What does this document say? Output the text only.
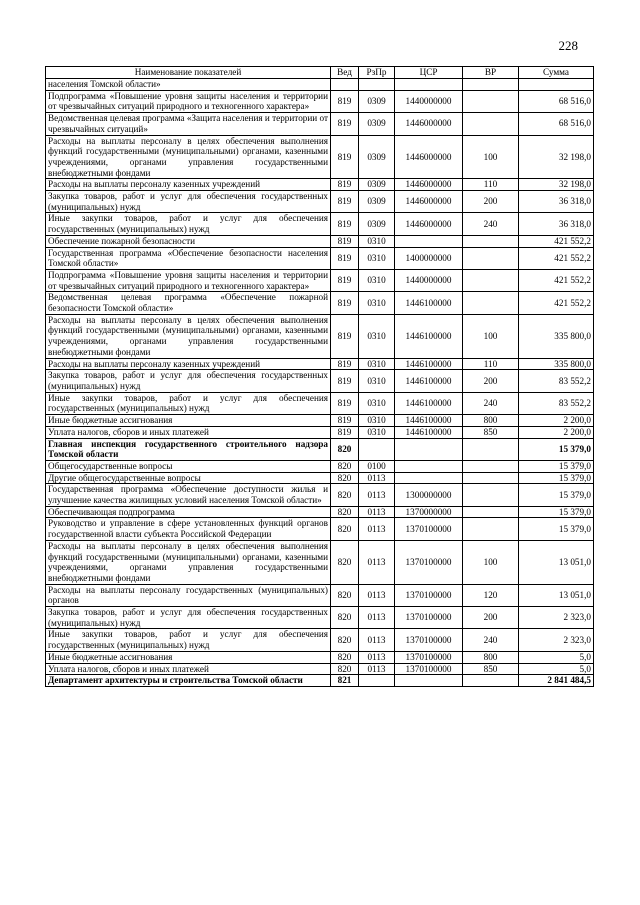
228
Наименование показателей	Вед	РзПр	ЦСР	ВР	Сумма
населения Томской области»					
Подпрограмма «Повышение уровня защиты населения и территории от чрезвычайных ситуаций природного и техногенного характера»	819	0309	1440000000		68 516,0
Ведомственная целевая программа «Защита населения и территории от чрезвычайных ситуаций»	819	0309	1446000000		68 516,0
Расходы на выплаты персоналу в целях обеспечения выполнения функций государственными (муниципальными) органами, казенными учреждениями, органами управления государственными внебюджетными фондами	819	0309	1446000000	100	32 198,0
Расходы на выплаты персоналу казенных учреждений	819	0309	1446000000	110	32 198,0
Закупка товаров, работ и услуг для обеспечения государственных (муниципальных) нужд	819	0309	1446000000	200	36 318,0
Иные закупки товаров, работ и услуг для обеспечения государственных (муниципальных) нужд	819	0309	1446000000	240	36 318,0
Обеспечение пожарной безопасности	819	0310			421 552,2
Государственная программа «Обеспечение безопасности населения Томской области»	819	0310	1400000000		421 552,2
Подпрограмма «Повышение уровня защиты населения и территории от чрезвычайных ситуаций природного и техногенного характера»	819	0310	1440000000		421 552,2
Ведомственная целевая программа «Обеспечение пожарной безопасности Томской области»	819	0310	1446100000		421 552,2
Расходы на выплаты персоналу в целях обеспечения выполнения функций государственными (муниципальными) органами, казенными учреждениями, органами управления государственными внебюджетными фондами	819	0310	1446100000	100	335 800,0
Расходы на выплаты персоналу казенных учреждений	819	0310	1446100000	110	335 800,0
Закупка товаров, работ и услуг для обеспечения государственных (муниципальных) нужд	819	0310	1446100000	200	83 552,2
Иные закупки товаров, работ и услуг для обеспечения государственных (муниципальных) нужд	819	0310	1446100000	240	83 552,2
Иные бюджетные ассигнования	819	0310	1446100000	800	2 200,0
Уплата налогов, сборов и иных платежей	819	0310	1446100000	850	2 200,0
Главная инспекция государственного строительного надзора Томской области	820				15 379,0
Общегосударственные вопросы	820	0100			15 379,0
Другие общегосударственные вопросы	820	0113			15 379,0
Государственная программа «Обеспечение доступности жилья и улучшение качества жилищных условий населения Томской области»	820	0113	1300000000		15 379,0
Обеспечивающая подпрограмма	820	0113	1370000000		15 379,0
Руководство и управление в сфере установленных функций органов государственной власти субъекта Российской Федерации	820	0113	1370100000		15 379,0
Расходы на выплаты персоналу в целях обеспечения выполнения функций государственными (муниципальными) органами, казенными учреждениями, органами управления государственными внебюджетными фондами	820	0113	1370100000	100	13 051,0
Расходы на выплаты персоналу государственных (муниципальных) органов	820	0113	1370100000	120	13 051,0
Закупка товаров, работ и услуг для обеспечения государственных (муниципальных) нужд	820	0113	1370100000	200	2 323,0
Иные закупки товаров, работ и услуг для обеспечения государственных (муниципальных) нужд	820	0113	1370100000	240	2 323,0
Иные бюджетные ассигнования	820	0113	1370100000	800	5,0
Уплата налогов, сборов и иных платежей	820	0113	1370100000	850	5,0
Департамент архитектуры и строительства Томской области	821				2 841 484,5
